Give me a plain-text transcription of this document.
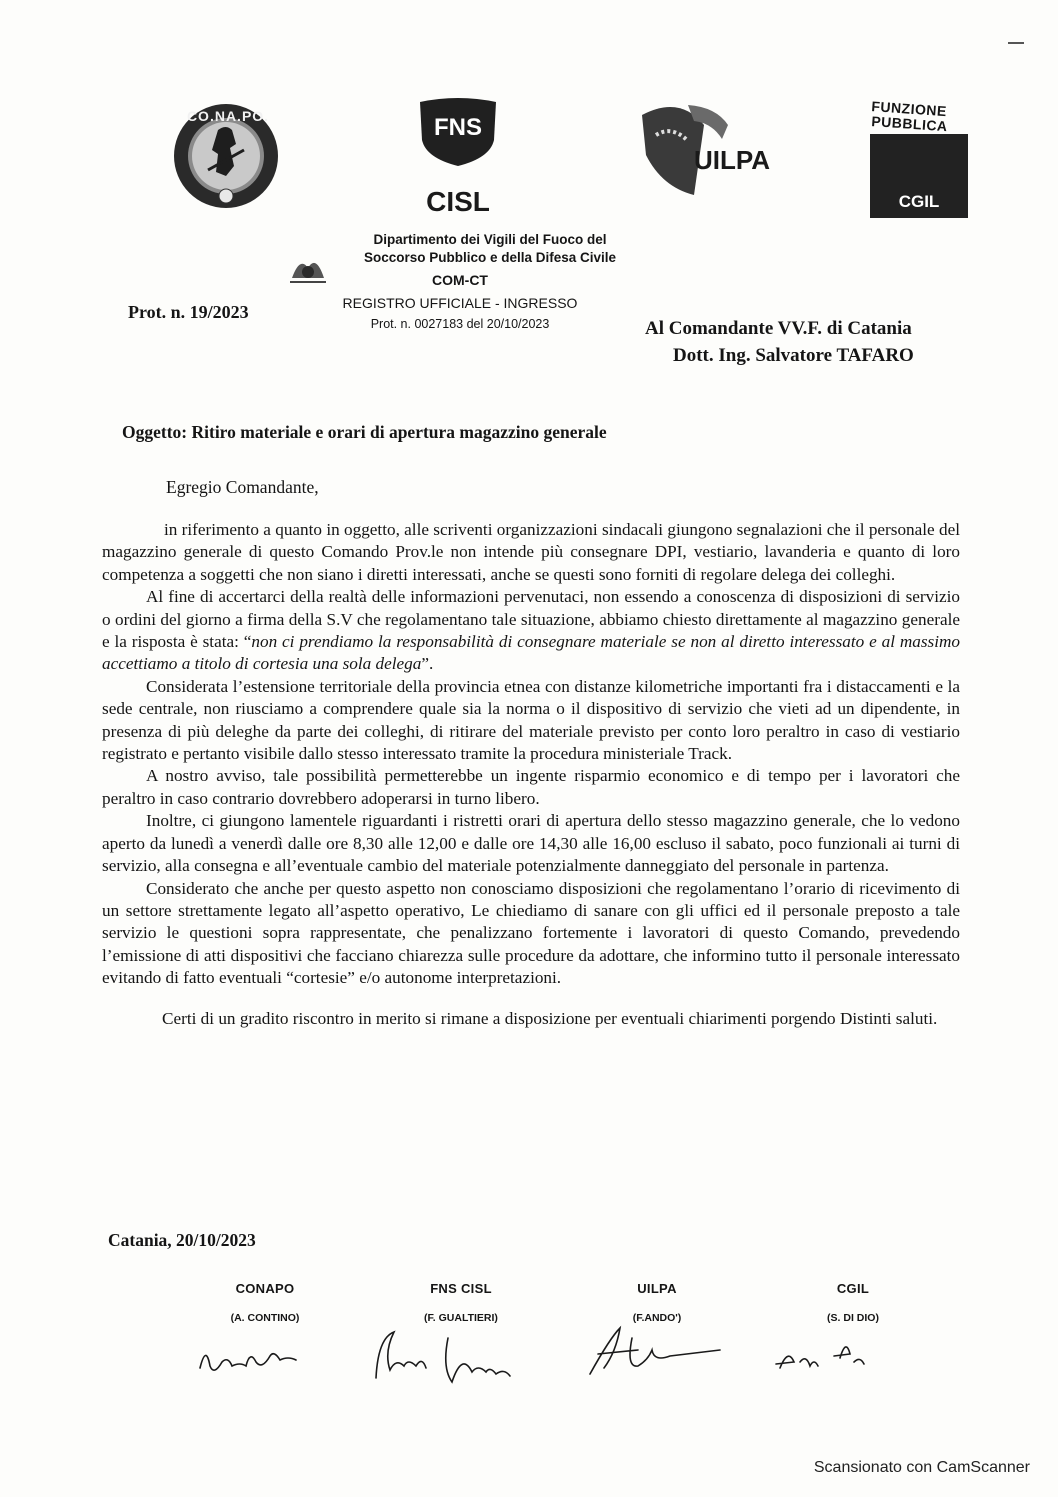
CO.NA.PO.	FNS
CISL
UILPA
FUNZIONE
PUBBLICA
CGIL
Dipartimento dei Vigili del Fuoco del
Soccorso Pubblico e della Difesa Civile
COM-CT
REGISTRO UFFICIALE - INGRESSO
Prot. n. 0027183 del 20/10/2023
Prot. n. 19/2023
Al Comandante VV.F. di Catania
Dott. Ing. Salvatore TAFARO
Oggetto: Ritiro materiale e orari di apertura magazzino generale
Egregio Comandante,

in riferimento a quanto in oggetto, alle scriventi organizzazioni sindacali giungono segnalazioni che il personale del magazzino generale di questo Comando Prov.le non intende più consegnare DPI, vestiario, lavanderia e quanto di loro competenza a soggetti che non siano i diretti interessati, anche se questi sono forniti di regolare delega dei colleghi.

Al fine di accertarci della realtà delle informazioni pervenutaci, non essendo a conoscenza di disposizioni di servizio o ordini del giorno a firma della S.V che regolamentano tale situazione, abbiamo chiesto direttamente al magazzino generale e la risposta è stata: “non ci prendiamo la responsabilità di consegnare materiale se non al diretto interessato e al massimo accettiamo a titolo di cortesia una sola delega”.

Considerata l’estensione territoriale della provincia etnea con distanze kilometriche importanti fra i distaccamenti e la sede centrale, non riusciamo a comprendere quale sia la norma o il dispositivo di servizio che vieti ad un dipendente, in presenza di più deleghe da parte dei colleghi, di ritirare del materiale previsto per conto loro peraltro in caso di vestiario registrato e pertanto visibile dallo stesso interessato tramite la procedura ministeriale Track.

A nostro avviso, tale possibilità permetterebbe un ingente risparmio economico e di tempo per i lavoratori che peraltro in caso contrario dovrebbero adoperarsi in turno libero.

Inoltre, ci giungono lamentele riguardanti i ristretti orari di apertura dello stesso magazzino generale, che lo vedono aperto da lunedì a venerdì dalle ore 8,30 alle 12,00 e dalle ore 14,30 alle 16,00 escluso il sabato, poco funzionali ai turni di servizio, alla consegna e all’eventuale cambio del materiale potenzialmente danneggiato del personale in partenza.

Considerato che anche per questo aspetto non conosciamo disposizioni che regolamentano l’orario di ricevimento di un settore strettamente legato all’aspetto operativo, Le chiediamo di sanare con gli uffici ed il personale preposto a tale servizio le questioni sopra rappresentate, che penalizzano fortemente i lavoratori di questo Comando, prevedendo l’emissione di atti dispositivi che facciano chiarezza sulle procedure da adottare, che informino tutto il personale interessato evitando di fatto eventuali “cortesie” e/o autonome interpretazioni.

Certi di un gradito riscontro in merito si rimane a disposizione per eventuali chiarimenti porgendo Distinti saluti.

Catania, 20/10/2023
CONAPO
(A. CONTINO)
FNS CISL
(F. GUALTIERI)
UILPA
(F.ANDO')
CGIL
(S. DI DIO)
Scansionato con CamScanner
